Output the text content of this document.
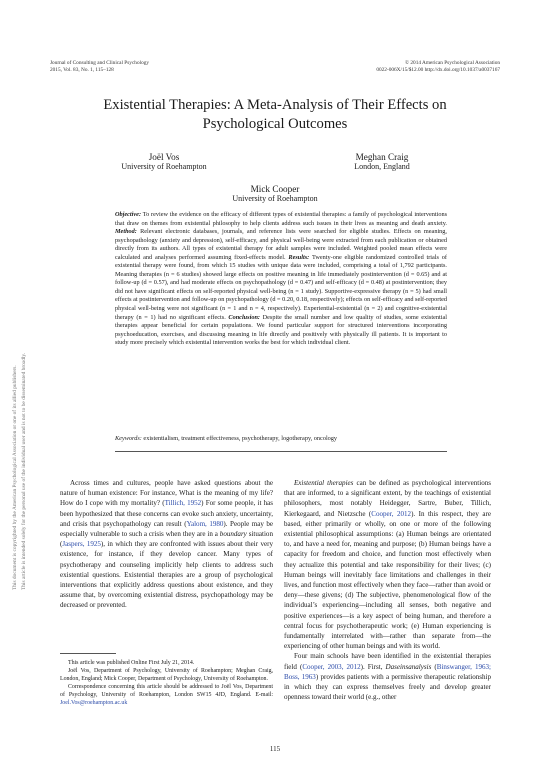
Journal of Consulting and Clinical Psychology
2015, Vol. 83, No. 1, 115–128
© 2014 American Psychological Association
0022-006X/15/$12.00 http://dx.doi.org/10.1037/a0037167
Existential Therapies: A Meta-Analysis of Their Effects on
Psychological Outcomes
Joël Vos
University of Roehampton
Meghan Craig
London, England
Mick Cooper
University of Roehampton
This document is copyrighted by the American Psychological Association or one of its allied publishers. This article is intended solely for the personal use of the individual user and is not to be disseminated broadly.
Objective: To review the evidence on the efficacy of different types of existential therapies: a family of psychological interventions that draw on themes from existential philosophy to help clients address such issues in their lives as meaning and death anxiety. Method: Relevant electronic databases, journals, and reference lists were searched for eligible studies. Effects on meaning, psychopathology (anxiety and depression), self-efficacy, and physical well-being were extracted from each publication or obtained directly from its authors. All types of existential therapy for adult samples were included. Weighted pooled mean effects were calculated and analyses performed assuming fixed-effects model. Results: Twenty-one eligible randomized controlled trials of existential therapy were found, from which 15 studies with unique data were included, comprising a total of 1,792 participants. Meaning therapies (n = 6 studies) showed large effects on positive meaning in life immediately postintervention (d = 0.65) and at follow-up (d = 0.57), and had moderate effects on psychopathology (d = 0.47) and self-efficacy (d = 0.48) at postintervention; they did not have significant effects on self-reported physical well-being (n = 1 study). Supportive-expressive therapy (n = 5) had small effects at postintervention and follow-up on psychopathology (d = 0.20, 0.18, respectively); effects on self-efficacy and self-reported physical well-being were not significant (n = 1 and n = 4, respectively). Experiential-existential (n = 2) and cognitive-existential therapy (n = 1) had no significant effects. Conclusion: Despite the small number and low quality of studies, some existential therapies appear beneficial for certain populations. We found particular support for structured interventions incorporating psychoeducation, exercises, and discussing meaning in life directly and positively with physically ill patients. It is important to study more precisely which existential intervention works the best for which individual client.
Keywords: existentialism, treatment effectiveness, psychotherapy, logotherapy, oncology

Across times and cultures, people have asked questions about the nature of human existence: For instance, What is the meaning of my life? How do I cope with my mortality? (Tillich, 1952) For some people, it has been hypothesized that these concerns can evoke such anxiety, uncertainty, and crisis that psychopathology can result (Yalom, 1980). People may be especially vulnerable to such a crisis when they are in a boundary situation (Jaspers, 1925), in which they are confronted with issues about their very existence, for instance, if they develop cancer. Many types of psychotherapy and counseling implicitly help clients to address such existential questions. Existential therapies are a group of psychological interventions that explicitly address questions about existence, and they assume that, by overcoming existential distress, psychopathology may be decreased or prevented.

This article was published Online First July 21, 2014.

Joël Vos, Department of Psychology, University of Roehampton; Meghan Craig, London, England; Mick Cooper, Department of Psychology, University of Roehampton.

Correspondence concerning this article should be addressed to Joël Vos, Department of Psychology, University of Roehampton, London SW15 4JD, England. E-mail: Joel.Vos@roehampton.ac.uk

Existential therapies can be defined as psychological interventions that are informed, to a significant extent, by the teachings of existential philosophers, most notably Heidegger, Sartre, Buber, Tillich, Kierkegaard, and Nietzsche (Cooper, 2012). In this respect, they are based, either primarily or wholly, on one or more of the following existential philosophical assumptions: (a) Human beings are orientated to, and have a need for, meaning and purpose; (b) Human beings have a capacity for freedom and choice, and function most effectively when they actualize this potential and take responsibility for their lives; (c) Human beings will inevitably face limitations and challenges in their lives, and function most effectively when they face—rather than avoid or deny—these givens; (d) The subjective, phenomenological flow of the individual’s experiencing—including all senses, both negative and positive experiences—is a key aspect of being human, and therefore a central focus for psychotherapeutic work; (e) Human experiencing is fundamentally interrelated with—rather than separate from—the experiencing of other human beings and with its world.

Four main schools have been identified in the existential therapies field (Cooper, 2003, 2012). First, Daseinsanalysis (Binswanger, 1963; Boss, 1963) provides patients with a permissive therapeutic relationship in which they can express themselves freely and develop greater openness toward their world (e.g., other

115
